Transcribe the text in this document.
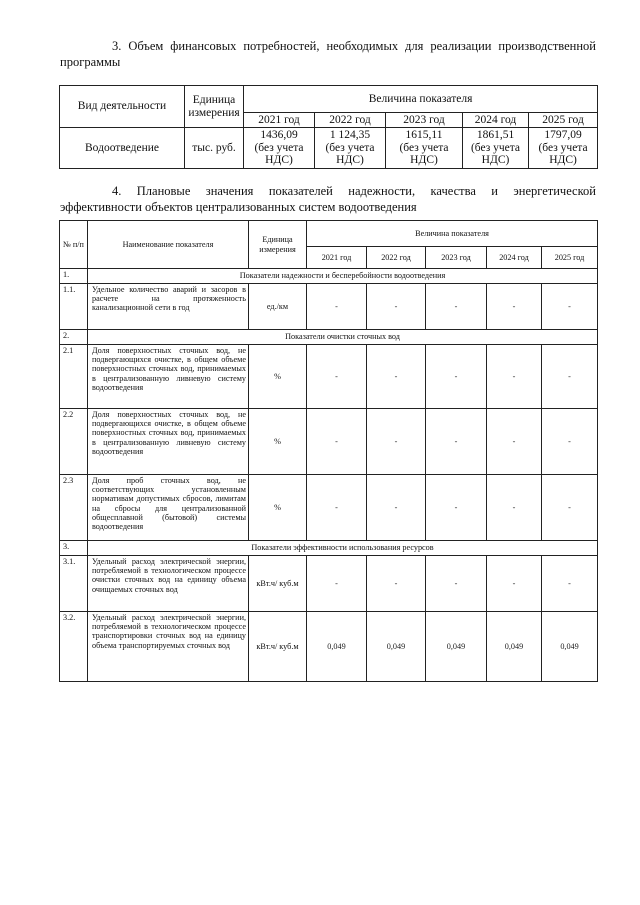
3. Объем финансовых потребностей, необходимых для реализации производственной
программы
Вид деятельности	Единица измерения	Величина показателя				
		2021 год	2022 год	2023 год	2024 год	2025 год
Водоотведение	тыс. руб.	1436,09
(без учета
НДС)	1 124,35
(без учета
НДС)	1615,11
(без учета
НДС)	1861,51
(без учета
НДС)	1797,09
(без учета
НДС)
4. Плановые значения показателей надежности, качества и энергетической
эффективности объектов централизованных систем водоотведения
№ п/п	Наименование показателя	Единица измерения	Величина показателя				
			2021 год	2022 год	2023 год	2024 год	2025 год
1.	Показатели надежности и бесперебойности водоотведения						
1.1.	Удельное количество аварий и засоров в расчете на протяженность канализационной сети в год	ед./км	-	-	-	-	-
2.	Показатели очистки сточных вод						
2.1	Доля поверхностных сточных вод, не подвергающихся очистке, в общем объеме поверхностных сточных вод, принимаемых в централизованную ливневую систему водоотведения	%	-	-	-	-	-
2.2	Доля поверхностных сточных вод, не подвергающихся очистке, в общем объеме поверхностных сточных вод, принимаемых в централизованную ливневую систему водоотведения	%	-	-	-	-	-
2.3	Доля проб сточных вод, не соответствующих установленным нормативам допустимых сбросов, лимитам на сбросы для централизованной общесплавной (бытовой) системы водоотведения	%	-	-	-	-	-
3.	Показатели эффективности использования ресурсов						
3.1.	Удельный расход электрической энергии, потребляемой в технологическом процессе очистки сточных вод на единицу объема очищаемых сточных вод	кВт.ч/ куб.м	-	-	-	-	-
3.2.	Удельный расход электрической энергии, потребляемой в технологическом процессе транспортировки сточных вод на единицу объема транспортируемых сточных вод	кВт.ч/ куб.м	0,049	0,049	0,049	0,049	0,049
